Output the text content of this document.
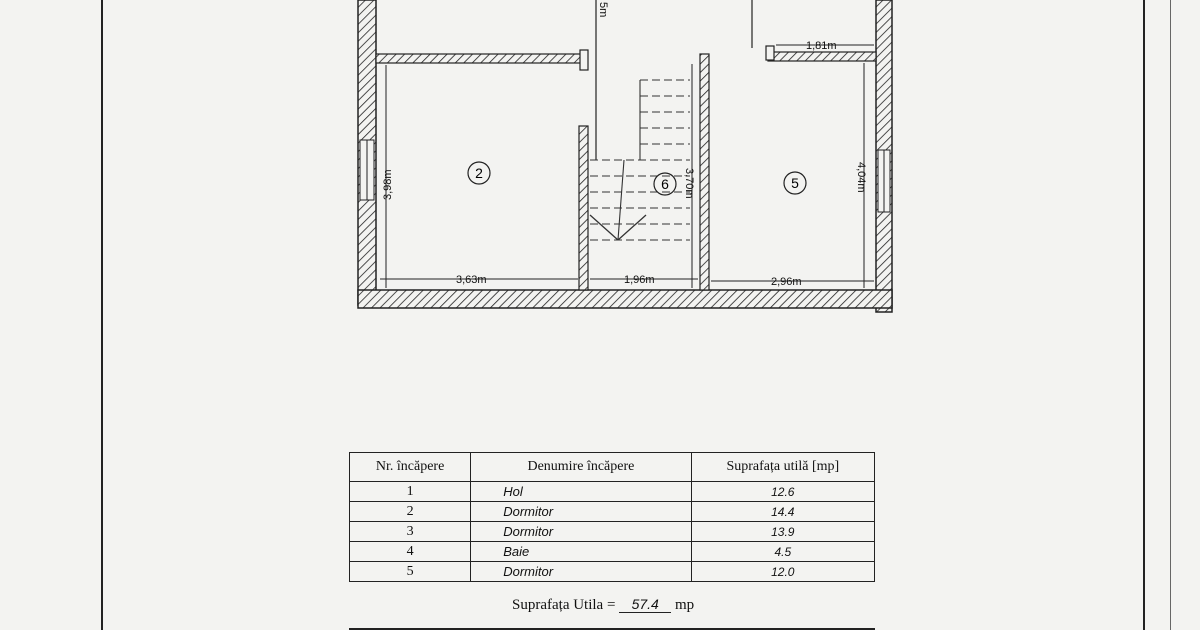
3,63m
3,98m
1,96m
3,70m
2,96m
4,04m
1,81m
5m
2
6	5
Nr. încăpere	Denumire încăpere	Suprafața utilă [mp]
1	Hol	12.6
2	Dormitor	14.4
3	Dormitor	13.9
4	Baie	4.5
5	Dormitor	12.0
Suprafața Utila = 57.4 mp
